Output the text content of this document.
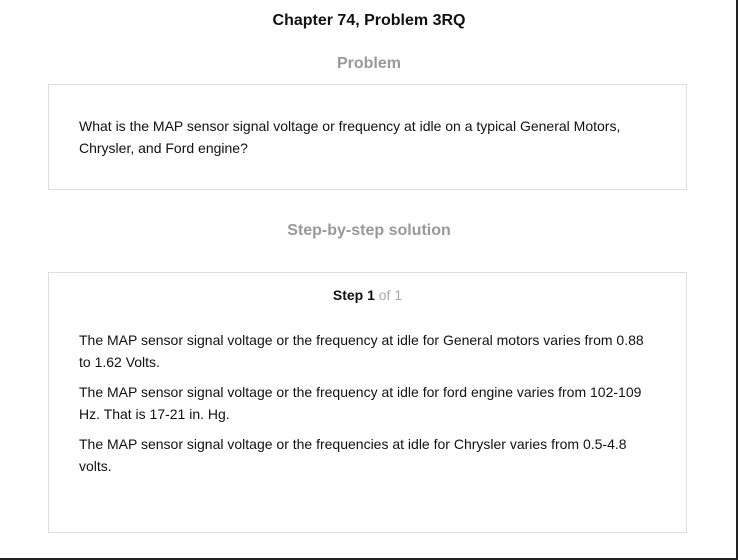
Chapter 74, Problem 3RQ
Problem

What is the MAP sensor signal voltage or frequency at idle on a typical General Motors, Chrysler, and Ford engine?

Step-by-step solution
Step 1 of 1

The MAP sensor signal voltage or the frequency at idle for General motors varies from 0.88 to 1.62 Volts.

The MAP sensor signal voltage or the frequency at idle for ford engine varies from 102-109 Hz. That is 17-21 in. Hg.

The MAP sensor signal voltage or the frequencies at idle for Chrysler varies from 0.5-4.8 volts.
